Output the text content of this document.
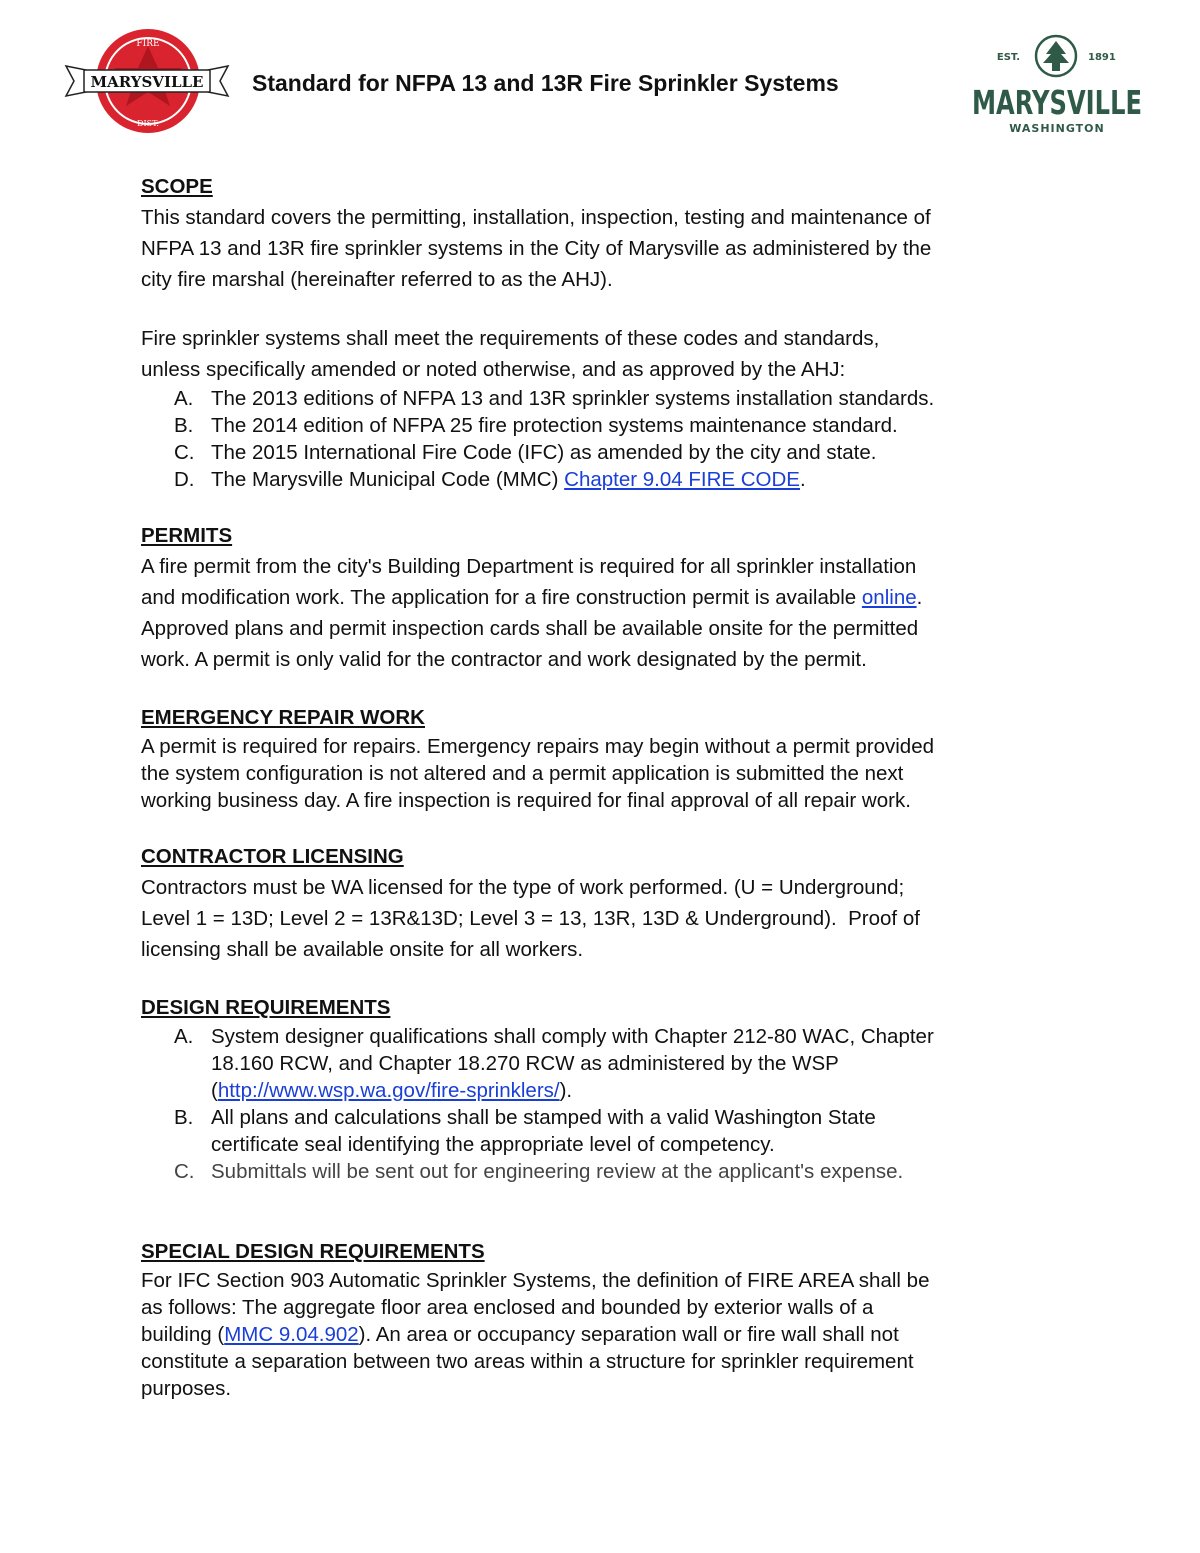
FIRE
DIST.
MARYSVILLE Standard for NFPA 13 and 13R Fire Sprinkler Systems
EST.	1891
MARYSVILLE
WASHINGTON

SCOPE

This standard covers the permitting, installation, inspection, testing and maintenance of

NFPA 13 and 13R fire sprinkler systems in the City of Marysville as administered by the

city fire marshal (hereinafter referred to as the AHJ).

Fire sprinkler systems shall meet the requirements of these codes and standards,

unless specifically amended or noted otherwise, and as approved by the AHJ:

A. The 2013 editions of NFPA 13 and 13R sprinkler systems installation standards.
B. The 2014 edition of NFPA 25 fire protection systems maintenance standard.
C. The 2015 International Fire Code (IFC) as amended by the city and state.
D. The Marysville Municipal Code (MMC) Chapter 9.04 FIRE CODE.

PERMITS

A fire permit from the city's Building Department is required for all sprinkler installation

and modification work. The application for a fire construction permit is available online.

Approved plans and permit inspection cards shall be available onsite for the permitted

work. A permit is only valid for the contractor and work designated by the permit.

EMERGENCY REPAIR WORK

A permit is required for repairs. Emergency repairs may begin without a permit provided

the system configuration is not altered and a permit application is submitted the next

working business day. A fire inspection is required for final approval of all repair work.

CONTRACTOR LICENSING

Contractors must be WA licensed for the type of work performed. (U = Underground;

Level 1 = 13D; Level 2 = 13R&13D; Level 3 = 13, 13R, 13D & Underground).  Proof of

licensing shall be available onsite for all workers.

DESIGN REQUIREMENTS

A. System designer qualifications shall comply with Chapter 212-80 WAC, Chapter
18.160 RCW, and Chapter 18.270 RCW as administered by the WSP
(http://www.wsp.wa.gov/fire-sprinklers/).
B. All plans and calculations shall be stamped with a valid Washington State
certificate seal identifying the appropriate level of competency.
C. Submittals will be sent out for engineering review at the applicant's expense.

SPECIAL DESIGN REQUIREMENTS

For IFC Section 903 Automatic Sprinkler Systems, the definition of FIRE AREA shall be

as follows: The aggregate floor area enclosed and bounded by exterior walls of a

building (MMC 9.04.902). An area or occupancy separation wall or fire wall shall not

constitute a separation between two areas within a structure for sprinkler requirement

purposes.
